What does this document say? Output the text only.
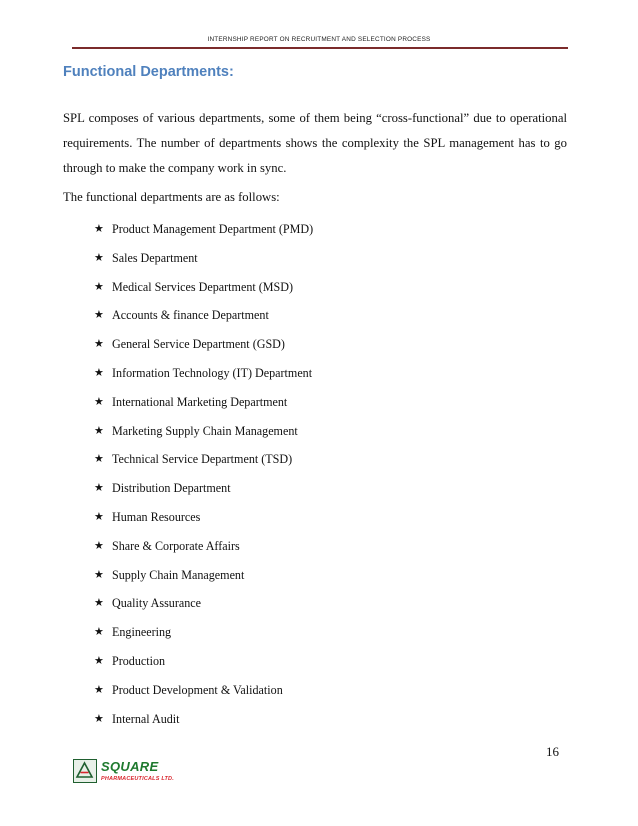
INTERNSHIP REPORT ON RECRUITMENT AND SELECTION PROCESS
Functional Departments:
SPL composes of various departments, some of them being “cross-functional” due to operational requirements. The number of departments shows the complexity the SPL management has to go through to make the company work in sync.
The functional departments are as follows:
★ Product Management Department (PMD)
★ Sales Department
★ Medical Services Department (MSD)
★ Accounts & finance Department
★ General Service Department (GSD)
★ Information Technology (IT) Department
★ International Marketing Department
★ Marketing Supply Chain Management
★ Technical Service Department (TSD)
★ Distribution Department
★ Human Resources
★ Share & Corporate Affairs
★ Supply Chain Management
★ Quality Assurance
★ Engineering
★ Production
★ Product Development & Validation
★ Internal Audit
16
SQUARE
PHARMACEUTICALS LTD.
